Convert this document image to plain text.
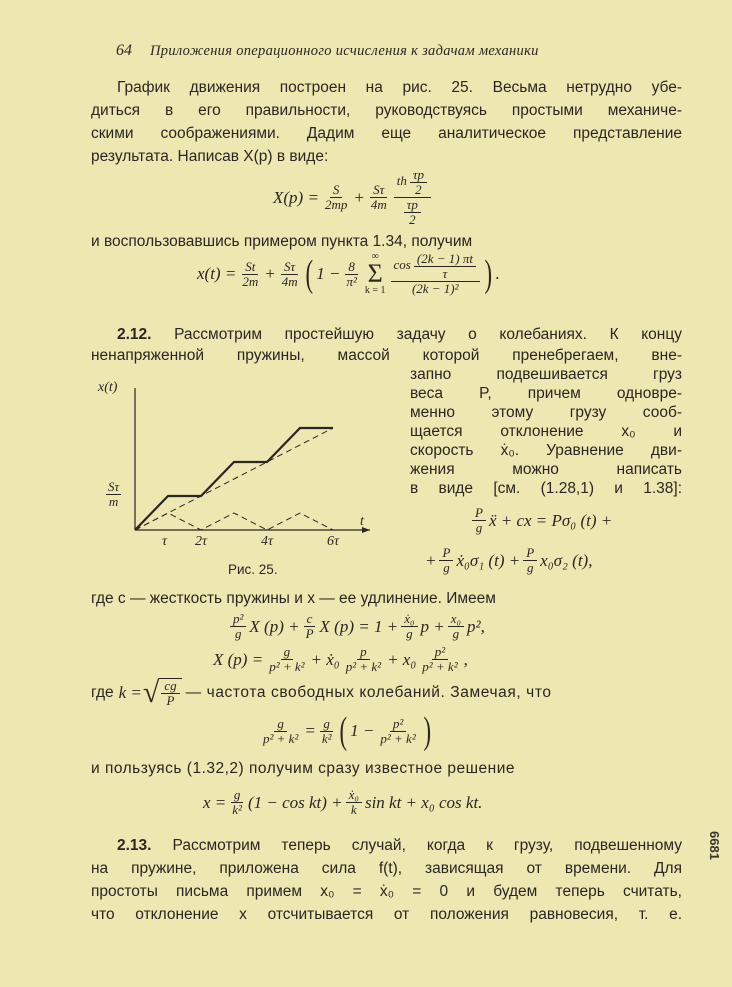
64 Приложения операционного исчисления к задачам механики
График движения построен на рис. 25. Весьма нетрудно убе-
диться в его правильности, руководствуясь простыми механиче-
скими соображениями. Дадим еще аналитическое представление
результата. Написав X(p) в виде:
$X(p) = \frac{S}{2mp} + \frac{S\tau}{4m} \frac{th \frac{\tau p}{2}}{\frac{\tau p}{2}}$
и воспользовавшись примером пункта 1.34, получим
$x(t) = \frac{St}{2m} + \frac{S\tau}{4m}$ ( $1 - \frac{8}{\text{π²}}$
∞
Σ
$k = 1 \frac{\cos \frac{(2k - 1) \pi t}{\tau}}{\text{(2k − 1)²}}$ ) .
2.12. Рассмотрим простейшую задачу о колебаниях. К концу
ненапряженной пружины, массой которой пренебрегаем, вне-
запно подвешивается груз
веса P, причем одновре-
менно этому грузу сооб-
щается отклонение x₀ и
скорость ẋ₀. Уравнение дви-
жения можно написать
в виде [см. (1.28,1) и 1.38]:
$\frac{P}{g}$ ẍ + cx = Pσ₀ (t) +
+ $\frac{P}{g}$ ẋ₀σ₁ $(t) + \frac{P}{g} x_0\sigma_2$ (t),
x(t)
t
$\frac{S\tau}{m}$
τ 2τ	4τ	6τ
Рис. 25.
где c — жесткость пружины и x — ее удлинение. Имеем
$\frac{\text{p²}}{g}$ X $(p) + \frac{c}{P}$ X $(p) = 1 + \frac{\text{ẋ₀}}{g}$ $p + \frac{\text{x₀}}{g} p^2$,
X $(p) = \frac{g}{\text{p² + k²}}$ + ẋ₀ $\frac{p}{\text{p² + k²}} + x_0 \frac{\text{p²}}{\text{p² + k²}}$ ,
где k = √ $\frac{cg}{P}$ — частота свободных колебаний. Замечая, что
$\frac{g}{\text{p² + k²}} = \frac{g}{\text{k²}}$ ( $1 - \frac{\text{p²}}{\text{p² + k²}}$ )
и пользуясь (1.32,2) получим сразу известное решение
$x = \frac{g}{\text{k²}} (1 - \cos kt) + \frac{\text{ẋ₀}}{k}$ sin kt + x₀ cos kt.
2.13. Рассмотрим теперь случай, когда к грузу, подвешенному
на пружине, приложена сила f(t), зависящая от времени. Для
простоты письма примем x₀ = ẋ₀ = 0 и будем теперь считать,
что отклонение x отсчитывается от положения равновесия, т. е.
6681
